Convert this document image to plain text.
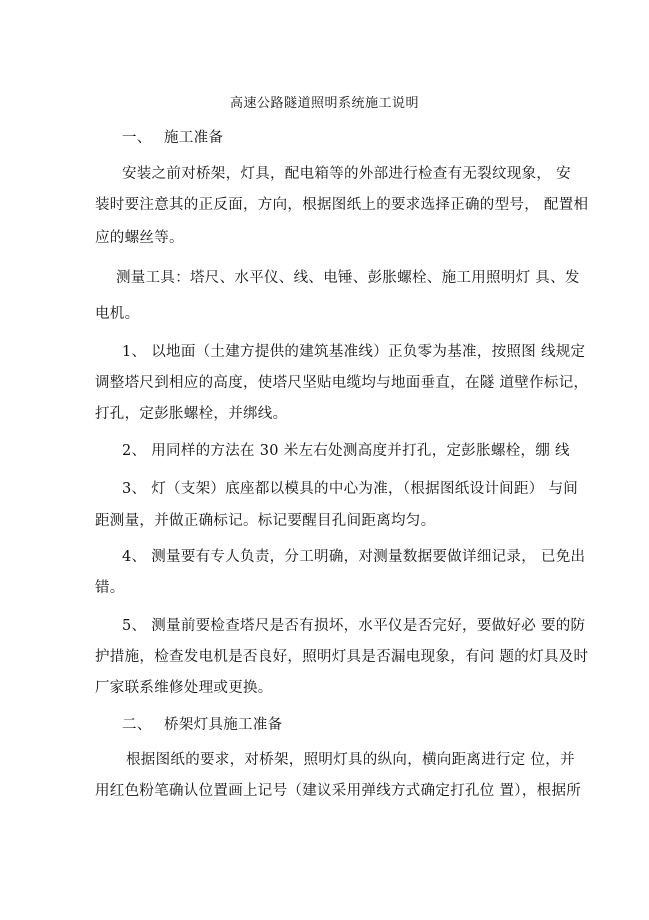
高速公路隧道照明系统施工说明
一、　 施工准备
安装之前对桥架，灯具，配电箱等的外部进行检查有无裂纹现象， 安
装时要注意其的正反面，方向，根据图纸上的要求选择正确的型号， 配置相
应的螺丝等。
测量工具：塔尺、水平仪、线、电锤、彭胀螺栓、施工用照明灯 具、发
电机。
1、 以地面（土建方提供的建筑基准线）正负零为基准，按照图 线规定
调整塔尺到相应的高度，使塔尺坚贴电缆均与地面垂直，在隧 道壁作标记，
打孔，定彭胀螺栓，并绑线。
2、 用同样的方法在 30 米左右处测高度并打孔，定彭胀螺栓，绷 线
3、 灯（支架）底座都以模具的中心为准，（根据图纸设计间距） 与间
距测量，并做正确标记。标记要醒目孔间距离均匀。
4、 测量要有专人负责，分工明确，对测量数据要做详细记录， 已免出
错。
5、 测量前要检查塔尺是否有损坏，水平仪是否完好，要做好必 要的防
护措施，检查发电机是否良好，照明灯具是否漏电现象，有问 题的灯具及时
厂家联系维修处理或更换。
二、　 桥架灯具施工准备
根据图纸的要求，对桥架，照明灯具的纵向，横向距离进行定 位，并
用红色粉笔确认位置画上记号（建议采用弹线方式确定打孔位 置），根据所
